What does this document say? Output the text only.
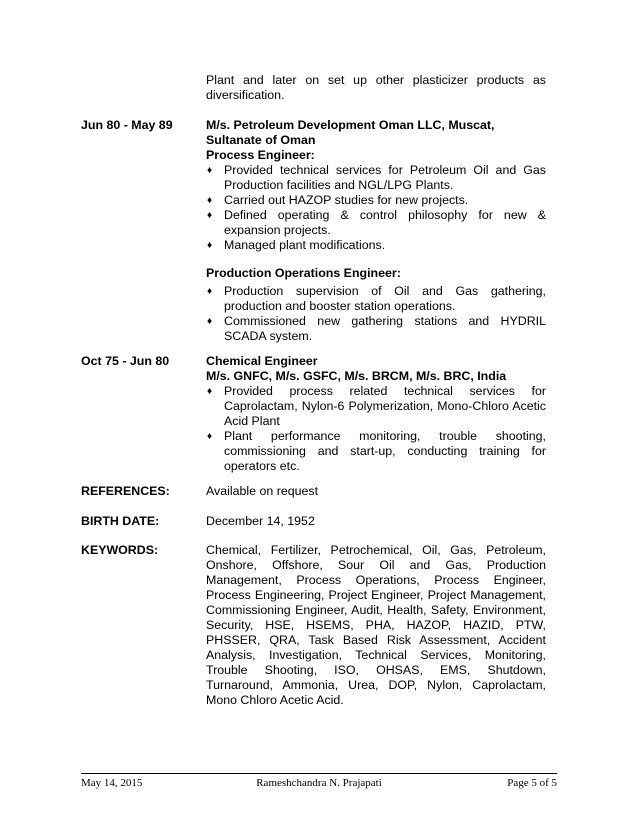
Plant and later on set up other plasticizer products as diversification.
Jun 80 - May 89	M/s. Petroleum Development Oman LLC, Muscat,
Sultanate of Oman
Process Engineer:
♦ Provided technical services for Petroleum Oil and Gas Production facilities and NGL/LPG Plants.
♦ Carried out HAZOP studies for new projects.
♦ Defined operating & control philosophy for new & expansion projects.
♦ Managed plant modifications.
Production Operations Engineer:
♦ Production supervision of Oil and Gas gathering, production and booster station operations.
♦ Commissioned new gathering stations and HYDRIL SCADA system.
Oct 75 - Jun 80	Chemical Engineer
M/s. GNFC, M/s. GSFC, M/s. BRCM, M/s. BRC, India
♦ Provided process related technical services for Caprolactam, Nylon-6 Polymerization, Mono-Chloro Acetic Acid Plant
♦ Plant performance monitoring, trouble shooting, commissioning and start-up, conducting training for operators etc.
REFERENCES:	Available on request
BIRTH DATE:	December 14, 1952
KEYWORDS:	Chemical, Fertilizer, Petrochemical, Oil, Gas, Petroleum, Onshore, Offshore, Sour Oil and Gas, Production Management, Process Operations, Process Engineer, Process Engineering, Project Engineer, Project Management, Commissioning Engineer, Audit, Health, Safety, Environment, Security, HSE, HSEMS, PHA, HAZOP, HAZID, PTW, PHSSER, QRA, Task Based Risk Assessment, Accident Analysis, Investigation, Technical Services, Monitoring, Trouble Shooting, ISO, OHSAS, EMS, Shutdown, Turnaround, Ammonia, Urea, DOP, Nylon, Caprolactam, Mono Chloro Acetic Acid.
May 14, 2015	Rameshchandra N. Prajapati	Page 5 of 5
